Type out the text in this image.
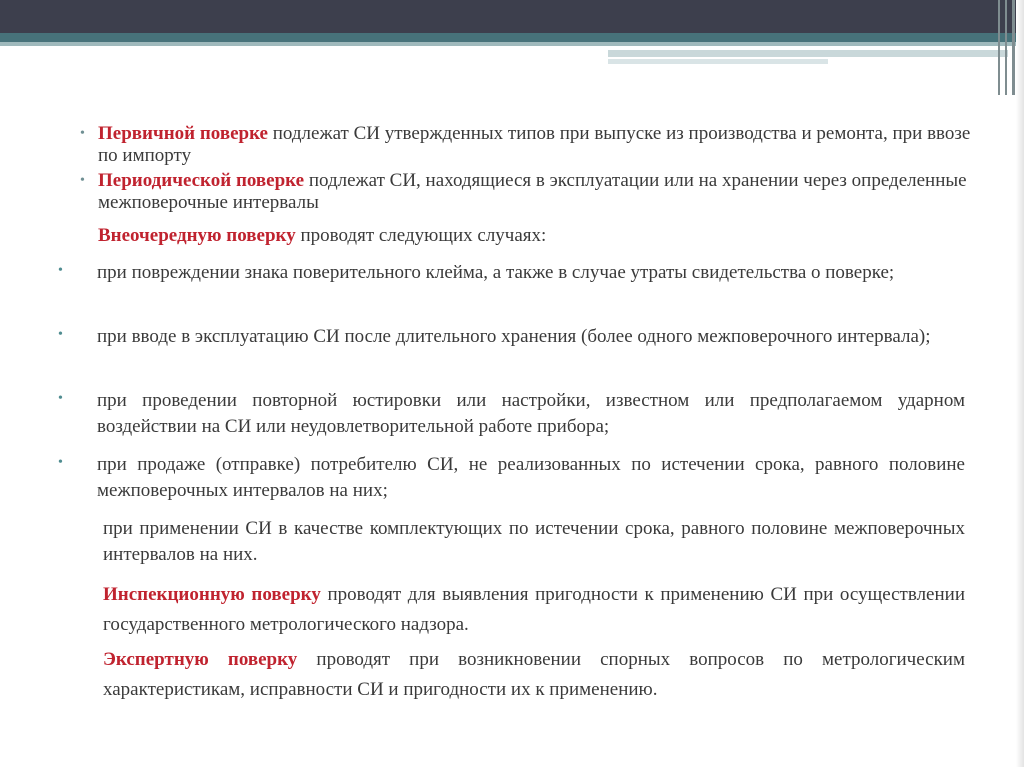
• Первичной поверке подлежат СИ утвержденных типов при выпуске из производства и ремонта, при ввозе по импорту
• Периодической поверке подлежат СИ, находящиеся в эксплуатации или на хранении через определенные межповерочные интервалы
Внеочередную поверку проводят следующих случаях:
• при повреждении знака поверительного клейма, а также в случае утраты свидетельства о поверке;
• при вводе в эксплуатацию СИ после длительного хранения (более одного межповерочного интервала);
• при проведении повторной юстировки или настройки, известном или предполагаемом ударном воздействии на СИ или неудовлетворительной работе прибора;
• при продаже (отправке) потребителю СИ, не реализованных по истечении срока, равного половине межповерочных интервалов на них;
при применении СИ в качестве комплектующих по истечении срока, равного половине межповерочных интервалов на них.
Инспекционную поверку проводят для выявления пригодности к применению СИ при осуществлении государственного метрологического надзора.
Экспертную поверку проводят при возникновении спорных вопросов по метрологическим характеристикам, исправности СИ и пригодности их к применению.
